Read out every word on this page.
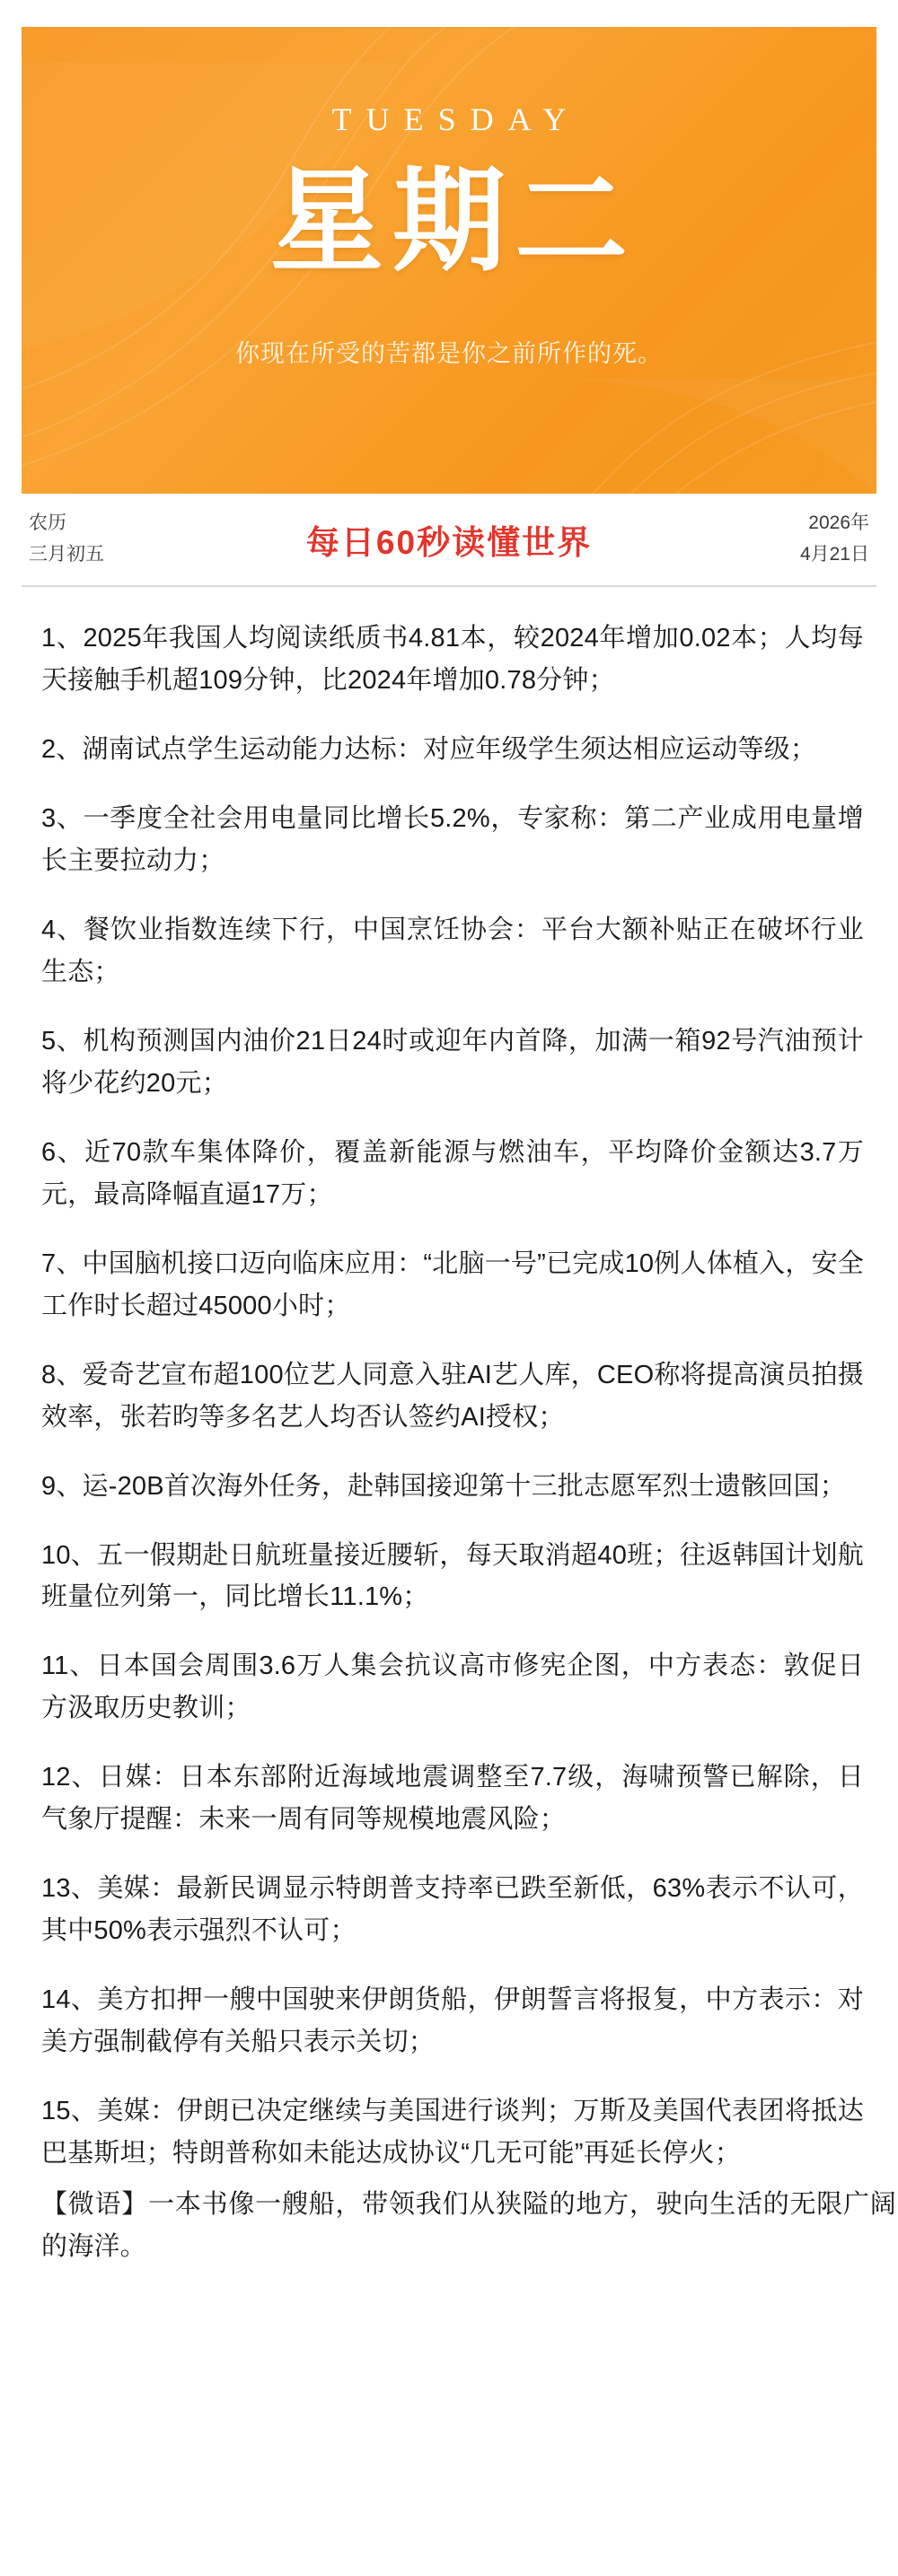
TUESDAY
星期二
你现在所受的苦都是你之前所作的死。
农历
三月初五	每日60秒读懂世界
2026年
4月21日

1、2025年我国人均阅读纸质书4.81本，较2024年增加0.02本；人均每天接触手机超109分钟，比2024年增加0.78分钟；

2、湖南试点学生运动能力达标：对应年级学生须达相应运动等级；

3、一季度全社会用电量同比增长5.2%，专家称：第二产业成用电量增长主要拉动力；

4、餐饮业指数连续下行，中国烹饪协会：平台大额补贴正在破坏行业生态；

5、机构预测国内油价21日24时或迎年内首降，加满一箱92号汽油预计将少花约20元；

6、近70款车集体降价，覆盖新能源与燃油车，平均降价金额达3.7万元，最高降幅直逼17万；

7、中国脑机接口迈向临床应用：“北脑一号”已完成10例人体植入，安全工作时长超过45000小时；

8、爱奇艺宣布超100位艺人同意入驻AI艺人库，CEO称将提高演员拍摄效率，张若昀等多名艺人均否认签约AI授权；

9、运-20B首次海外任务，赴韩国接迎第十三批志愿军烈士遗骸回国；

10、五一假期赴日航班量接近腰斩，每天取消超40班；往返韩国计划航班量位列第一，同比增长11.1%；

11、日本国会周围3.6万人集会抗议高市修宪企图，中方表态：敦促日方汲取历史教训；

12、日媒：日本东部附近海域地震调整至7.7级，海啸预警已解除，日气象厅提醒：未来一周有同等规模地震风险；

13、美媒：最新民调显示特朗普支持率已跌至新低，63%表示不认可，其中50%表示强烈不认可；

14、美方扣押一艘中国驶来伊朗货船，伊朗誓言将报复，中方表示：对美方强制截停有关船只表示关切；

15、美媒：伊朗已决定继续与美国进行谈判；万斯及美国代表团将抵达巴基斯坦；特朗普称如未能达成协议“几无可能”再延长停火；

【微语】一本书像一艘船，带领我们从狭隘的地方，驶向生活的无限广阔的海洋。
